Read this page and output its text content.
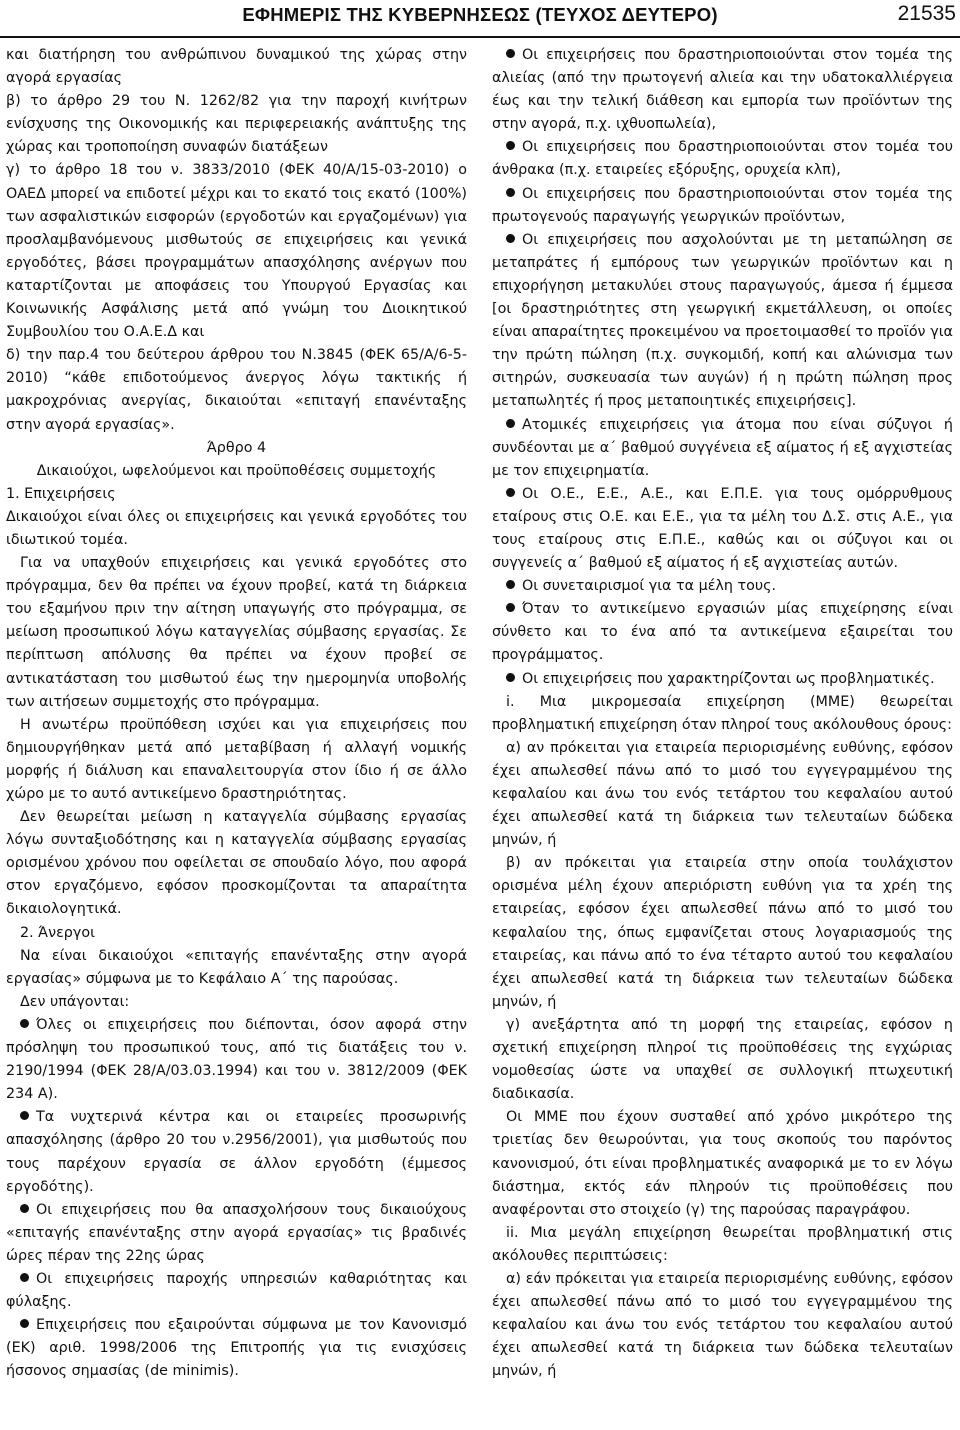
ΕΦΗΜΕΡΙΣ ΤΗΣ ΚΥΒΕΡΝΗΣΕΩΣ (ΤΕΥΧΟΣ ΔΕΥΤΕΡΟ)	21535

και διατήρηση του ανθρώπινου δυναμικού της χώρας στην αγορά εργασίας

β) το άρθρο 29 του Ν. 1262/82 για την παροχή κινήτρων ενίσχυσης της Οικονομικής και περιφερειακής ανάπτυξης της χώρας και τροποποίηση συναφών διατάξεων

γ) το άρθρο 18 του ν. 3833/2010 (ΦΕΚ 40/Α/15-03-2010) ο ΟΑΕΔ μπορεί να επιδοτεί μέχρι και το εκατό τοις εκατό (100%) των ασφαλιστικών εισφορών (εργοδοτών και εργαζομένων) για προσλαμβανόμενους μισθωτούς σε επιχειρήσεις και γενικά εργοδότες, βάσει προγραμμάτων απασχόλησης ανέργων που καταρτίζονται με αποφάσεις του Υπουργού Εργασίας και Κοινωνικής Ασφάλισης μετά από γνώμη του Διοικητικού Συμβουλίου του Ο.Α.Ε.Δ και

δ) την παρ.4 του δεύτερου άρθρου του Ν.3845 (ΦΕΚ 65/Α/6-5-2010) “κάθε επιδοτούμενος άνεργος λόγω τακτικής ή μακροχρόνιας ανεργίας, δικαιούται «επιταγή επανένταξης στην αγορά εργασίας».

Άρθρο 4

Δικαιούχοι, ωφελούμενοι και προϋποθέσεις συμμετοχής

1. Επιχειρήσεις

Δικαιούχοι είναι όλες οι επιχειρήσεις και γενικά εργοδότες του ιδιωτικού τομέα.

Για να υπαχθούν επιχειρήσεις και γενικά εργοδότες στο πρόγραμμα, δεν θα πρέπει να έχουν προβεί, κατά τη διάρκεια του εξαμήνου πριν την αίτηση υπαγωγής στο πρόγραμμα, σε μείωση προσωπικού λόγω καταγγελίας σύμβασης εργασίας. Σε περίπτωση απόλυσης θα πρέπει να έχουν προβεί σε αντικατάσταση του μισθωτού έως την ημερομηνία υποβολής των αιτήσεων συμμετοχής στο πρόγραμμα.

Η ανωτέρω προϋπόθεση ισχύει και για επιχειρήσεις που δημιουργήθηκαν μετά από μεταβίβαση ή αλλαγή νομικής μορφής ή διάλυση και επαναλειτουργία στον ίδιο ή σε άλλο χώρο με το αυτό αντικείμενο δραστηριότητας.

Δεν θεωρείται μείωση η καταγγελία σύμβασης εργασίας λόγω συνταξιοδότησης και η καταγγελία σύμβασης εργασίας ορισμένου χρόνου που οφείλεται σε σπουδαίο λόγο, που αφορά στον εργαζόμενο, εφόσον προσκομίζονται τα απαραίτητα δικαιολογητικά.

2. Άνεργοι

Να είναι δικαιούχοι «επιταγής επανένταξης στην αγορά εργασίας» σύμφωνα με το Κεφάλαιο Α΄ της παρούσας.

Δεν υπάγονται:

Όλες οι επιχειρήσεις που διέπονται, όσον αφορά στην πρόσληψη του προσωπικού τους, από τις διατάξεις του ν. 2190/1994 (ΦΕΚ 28/Α/03.03.1994) και του ν. 3812/2009 (ΦΕΚ 234 Α).

Τα νυχτερινά κέντρα και οι εταιρείες προσωρινής απασχόλησης (άρθρο 20 του ν.2956/2001), για μισθωτούς που τους παρέχουν εργασία σε άλλον εργοδότη (έμμεσος εργοδότης).

Οι επιχειρήσεις που θα απασχολήσουν τους δικαιούχους «επιταγής επανένταξης στην αγορά εργασίας» τις βραδινές ώρες πέραν της 22ης ώρας

Οι επιχειρήσεις παροχής υπηρεσιών καθαριότητας και φύλαξης.

Επιχειρήσεις που εξαιρούνται σύμφωνα με τον Κανονισμό (ΕΚ) αριθ. 1998/2006 της Επιτροπής για τις ενισχύσεις ήσσονος σημασίας (de minimis).

Οι επιχειρήσεις που δραστηριοποιούνται στον τομέα της αλιείας (από την πρωτογενή αλιεία και την υδατοκαλλιέργεια έως και την τελική διάθεση και εμπορία των προϊόντων της στην αγορά, π.χ. ιχθυοπωλεία),

Οι επιχειρήσεις που δραστηριοποιούνται στον τομέα του άνθρακα (π.χ. εταιρείες εξόρυξης, ορυχεία κλπ),

Οι επιχειρήσεις που δραστηριοποιούνται στον τομέα της πρωτογενούς παραγωγής γεωργικών προϊόντων,

Οι επιχειρήσεις που ασχολούνται με τη μεταπώληση σε μεταπράτες ή εμπόρους των γεωργικών προϊόντων και η επιχορήγηση μετακυλύει στους παραγωγούς, άμεσα ή έμμεσα [οι δραστηριότητες στη γεωργική εκμετάλλευση, οι οποίες είναι απαραίτητες προκειμένου να προετοιμασθεί το προϊόν για την πρώτη πώληση (π.χ. συγκομιδή, κοπή και αλώνισμα των σιτηρών, συσκευασία των αυγών) ή η πρώτη πώληση προς μεταπωλητές ή προς μεταποιητικές επιχειρήσεις].

Ατομικές επιχειρήσεις για άτομα που είναι σύζυγοι ή συνδέονται με α΄ βαθμού συγγένεια εξ αίματος ή εξ αγχιστείας με τον επιχειρηματία.

Οι Ο.Ε., Ε.Ε., Α.Ε., και Ε.Π.Ε. για τους ομόρρυθμους εταίρους στις Ο.Ε. και Ε.Ε., για τα μέλη του Δ.Σ. στις Α.Ε., για τους εταίρους στις Ε.Π.Ε., καθώς και οι σύζυγοι και οι συγγενείς α΄ βαθμού εξ αίματος ή εξ αγχιστείας αυτών.

Οι συνεταιρισμοί για τα μέλη τους.

Όταν το αντικείμενο εργασιών μίας επιχείρησης είναι σύνθετο και το ένα από τα αντικείμενα εξαιρείται του προγράμματος.

Οι επιχειρήσεις που χαρακτηρίζονται ως προβληματικές.

i. Μια μικρομεσαία επιχείρηση (ΜΜΕ) θεωρείται προβληματική επιχείρηση όταν πληροί τους ακόλουθους όρους:

α) αν πρόκειται για εταιρεία περιορισμένης ευθύνης, εφόσον έχει απωλεσθεί πάνω από το μισό του εγγεγραμμένου της κεφαλαίου και άνω του ενός τετάρτου του κεφαλαίου αυτού έχει απωλεσθεί κατά τη διάρκεια των τελευταίων δώδεκα μηνών, ή

β) αν πρόκειται για εταιρεία στην οποία τουλάχιστον ορισμένα μέλη έχουν απεριόριστη ευθύνη για τα χρέη της εταιρείας, εφόσον έχει απωλεσθεί πάνω από το μισό του κεφαλαίου της, όπως εμφανίζεται στους λογαριασμούς της εταιρείας, και πάνω από το ένα τέταρτο αυτού του κεφαλαίου έχει απωλεσθεί κατά τη διάρκεια των τελευταίων δώδεκα μηνών, ή

γ) ανεξάρτητα από τη μορφή της εταιρείας, εφόσον η σχετική επιχείρηση πληροί τις προϋποθέσεις της εγχώριας νομοθεσίας ώστε να υπαχθεί σε συλλογική πτωχευτική διαδικασία.

Οι ΜΜΕ που έχουν συσταθεί από χρόνο μικρότερο της τριετίας δεν θεωρούνται, για τους σκοπούς του παρόντος κανονισμού, ότι είναι προβληματικές αναφορικά με το εν λόγω διάστημα, εκτός εάν πληρούν τις προϋποθέσεις που αναφέρονται στο στοιχείο (γ) της παρούσας παραγράφου.

ii. Μια μεγάλη επιχείρηση θεωρείται προβληματική στις ακόλουθες περιπτώσεις:

α) εάν πρόκειται για εταιρεία περιορισμένης ευθύνης, εφόσον έχει απωλεσθεί πάνω από το μισό του εγγεγραμμένου της κεφαλαίου και άνω του ενός τετάρτου του κεφαλαίου αυτού έχει απωλεσθεί κατά τη διάρκεια των δώδεκα τελευταίων μηνών, ή
